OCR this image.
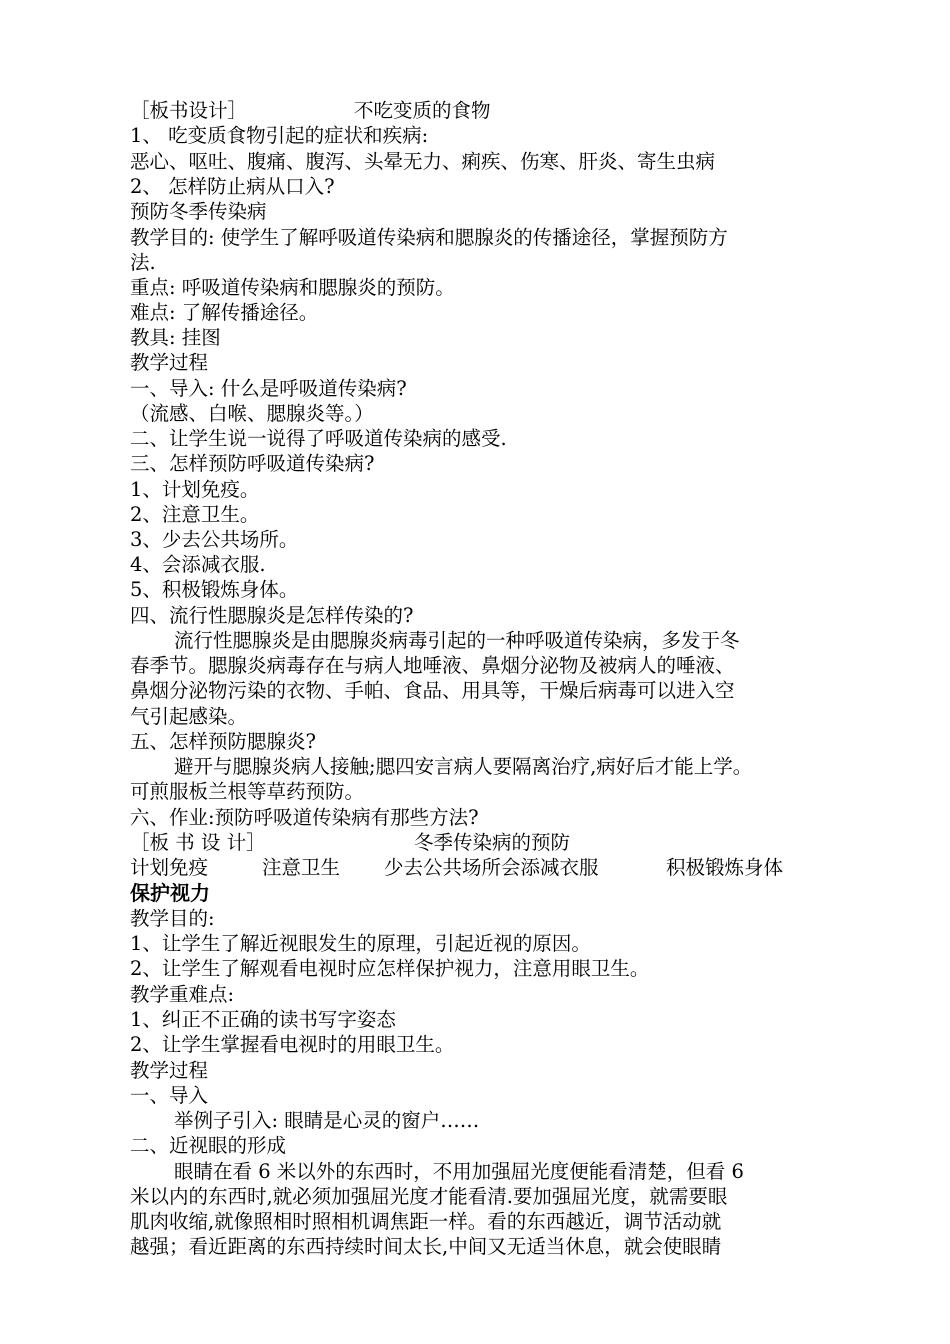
［板书设计］	不吃变质的食物
1、 吃变质食物引起的症状和疾病:
恶心、呕吐、腹痛、腹泻、头晕无力、痢疾、伤寒、肝炎、寄生虫病
2、 怎样防止病从口入?
预防冬季传染病
教学目的: 使学生了解呼吸道传染病和腮腺炎的传播途径，掌握预防方
法.
重点: 呼吸道传染病和腮腺炎的预防。
难点: 了解传播途径。
教具: 挂图
教学过程
一、导入: 什么是呼吸道传染病?
（流感、白喉、腮腺炎等。）
二、让学生说一说得了呼吸道传染病的感受.
三、怎样预防呼吸道传染病?
1、计划免疫。
2、注意卫生。
3、少去公共场所。
4、会添减衣服.
5、积极锻炼身体。
四、流行性腮腺炎是怎样传染的?
流行性腮腺炎是由腮腺炎病毒引起的一种呼吸道传染病，多发于冬
春季节。腮腺炎病毒存在与病人地唾液、鼻烟分泌物及被病人的唾液、
鼻烟分泌物污染的衣物、手帕、食品、用具等，干燥后病毒可以进入空
气引起感染。
五、怎样预防腮腺炎?
避开与腮腺炎病人接触;腮四安言病人要隔离治疗,病好后才能上学。
可煎服板兰根等草药预防。
六、作业:预防呼吸道传染病有那些方法?
［板 书 设 计］	冬季传染病的预防
计划免疫	注意卫生 少去公共场所会添减衣服	积极锻炼身体
保护视力
教学目的:
1、让学生了解近视眼发生的原理，引起近视的原因。
2、让学生了解观看电视时应怎样保护视力，注意用眼卫生。
教学重难点:
1、纠正不正确的读书写字姿态
2、让学生掌握看电视时的用眼卫生。
教学过程
一、导入
举例子引入: 眼睛是心灵的窗户……
二、近视眼的形成
眼睛在看 6 米以外的东西时，不用加强屈光度便能看清楚，但看 6
米以内的东西时,就必须加强屈光度才能看清.要加强屈光度，就需要眼
肌肉收缩,就像照相时照相机调焦距一样。看的东西越近，调节活动就
越强；看近距离的东西持续时间太长,中间又无适当休息，就会使眼睛
